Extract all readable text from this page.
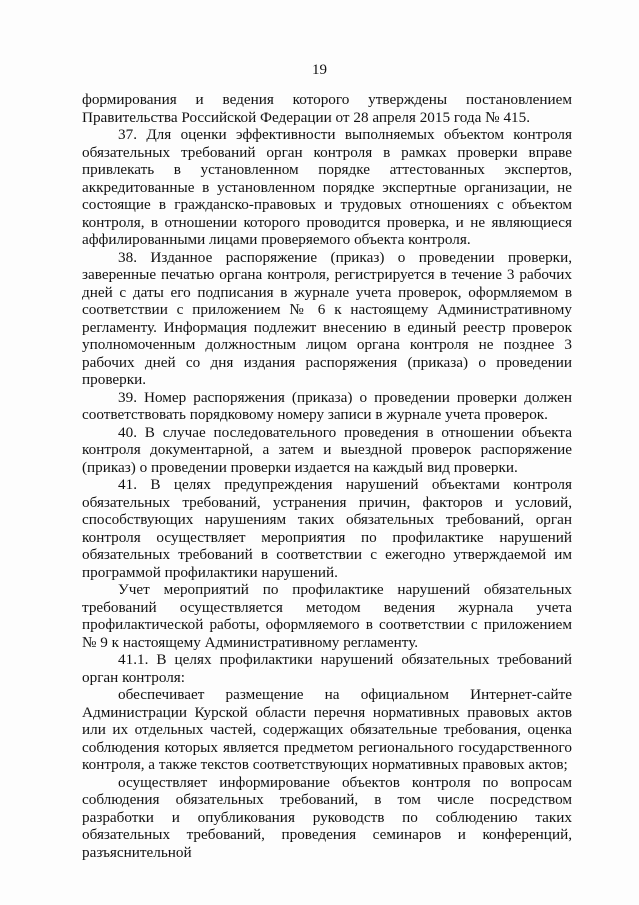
19

формирования и ведения которого утверждены постановлением Правительства Российской Федерации от 28 апреля 2015 года № 415.

37. Для оценки эффективности выполняемых объектом контроля обязательных требований орган контроля в рамках проверки вправе привлекать в установленном порядке аттестованных экспертов, аккредитованные в установленном порядке экспертные организации, не состоящие в гражданско-правовых и трудовых отношениях с объектом контроля, в отношении которого проводится проверка, и не являющиеся аффилированными лицами проверяемого объекта контроля.

38. Изданное распоряжение (приказ) о проведении проверки, заверенные печатью органа контроля, регистрируется в течение 3 рабочих дней с даты его подписания в журнале учета проверок, оформляемом в соответствии с приложением № 6 к настоящему Административному регламенту. Информация подлежит внесению в единый реестр проверок уполномоченным должностным лицом органа контроля не позднее 3 рабочих дней со дня издания распоряжения (приказа) о проведении проверки.

39. Номер распоряжения (приказа) о проведении проверки должен соответствовать порядковому номеру записи в журнале учета проверок.

40. В случае последовательного проведения в отношении объекта контроля документарной, а затем и выездной проверок распоряжение (приказ) о проведении проверки издается на каждый вид проверки.

41. В целях предупреждения нарушений объектами контроля обязательных требований, устранения причин, факторов и условий, способствующих нарушениям таких обязательных требований, орган контроля осуществляет мероприятия по профилактике нарушений обязательных требований в соответствии с ежегодно утверждаемой им программой профилактики нарушений.

Учет мероприятий по профилактике нарушений обязательных требований осуществляется методом ведения журнала учета профилактической работы, оформляемого в соответствии с приложением № 9 к настоящему Административному регламенту.

41.1. В целях профилактики нарушений обязательных требований орган контроля:

обеспечивает размещение на официальном Интернет-сайте Администрации Курской области перечня нормативных правовых актов или их отдельных частей, содержащих обязательные требования, оценка соблюдения которых является предметом регионального государственного контроля, а также текстов соответствующих нормативных правовых актов;

осуществляет информирование объектов контроля по вопросам соблюдения обязательных требований, в том числе посредством разработки и опубликования руководств по соблюдению таких обязательных требований, проведения семинаров и конференций, разъяснительной
